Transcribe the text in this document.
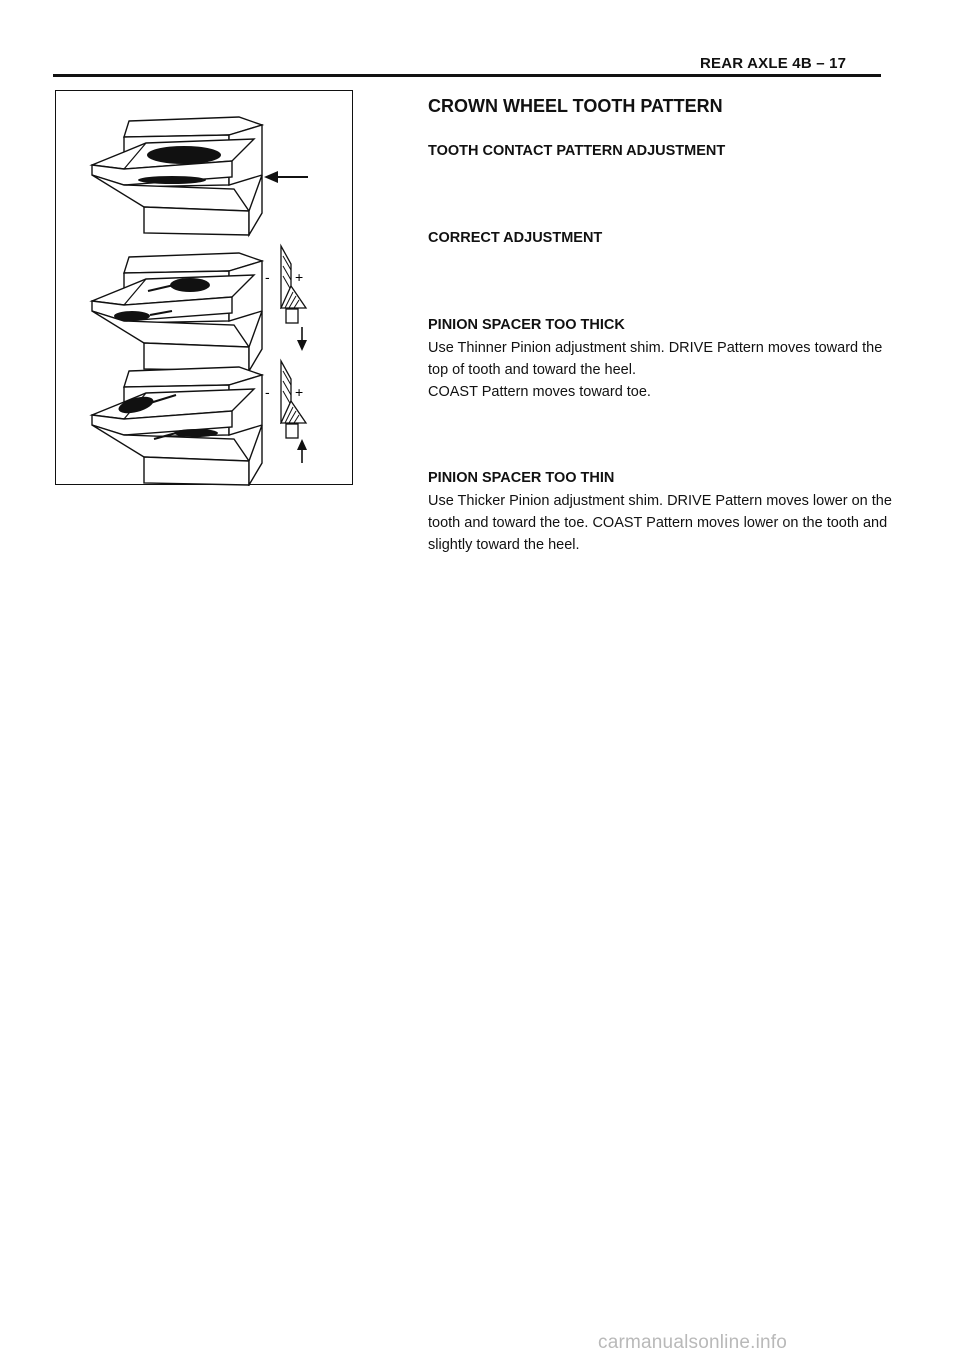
REAR AXLE 4B – 17
- +
- +
CROWN WHEEL TOOTH PATTERN
TOOTH CONTACT PATTERN ADJUSTMENT
CORRECT ADJUSTMENT
PINION SPACER TOO THICK

Use Thinner Pinion adjustment shim. DRIVE Pattern moves toward the top of tooth and toward the heel.
COAST Pattern moves toward toe.

PINION SPACER TOO THIN

Use Thicker Pinion adjustment shim. DRIVE Pattern moves lower on the tooth and toward the toe. COAST Pattern moves lower on the tooth and slightly toward the heel.

carmanualsonline.info
